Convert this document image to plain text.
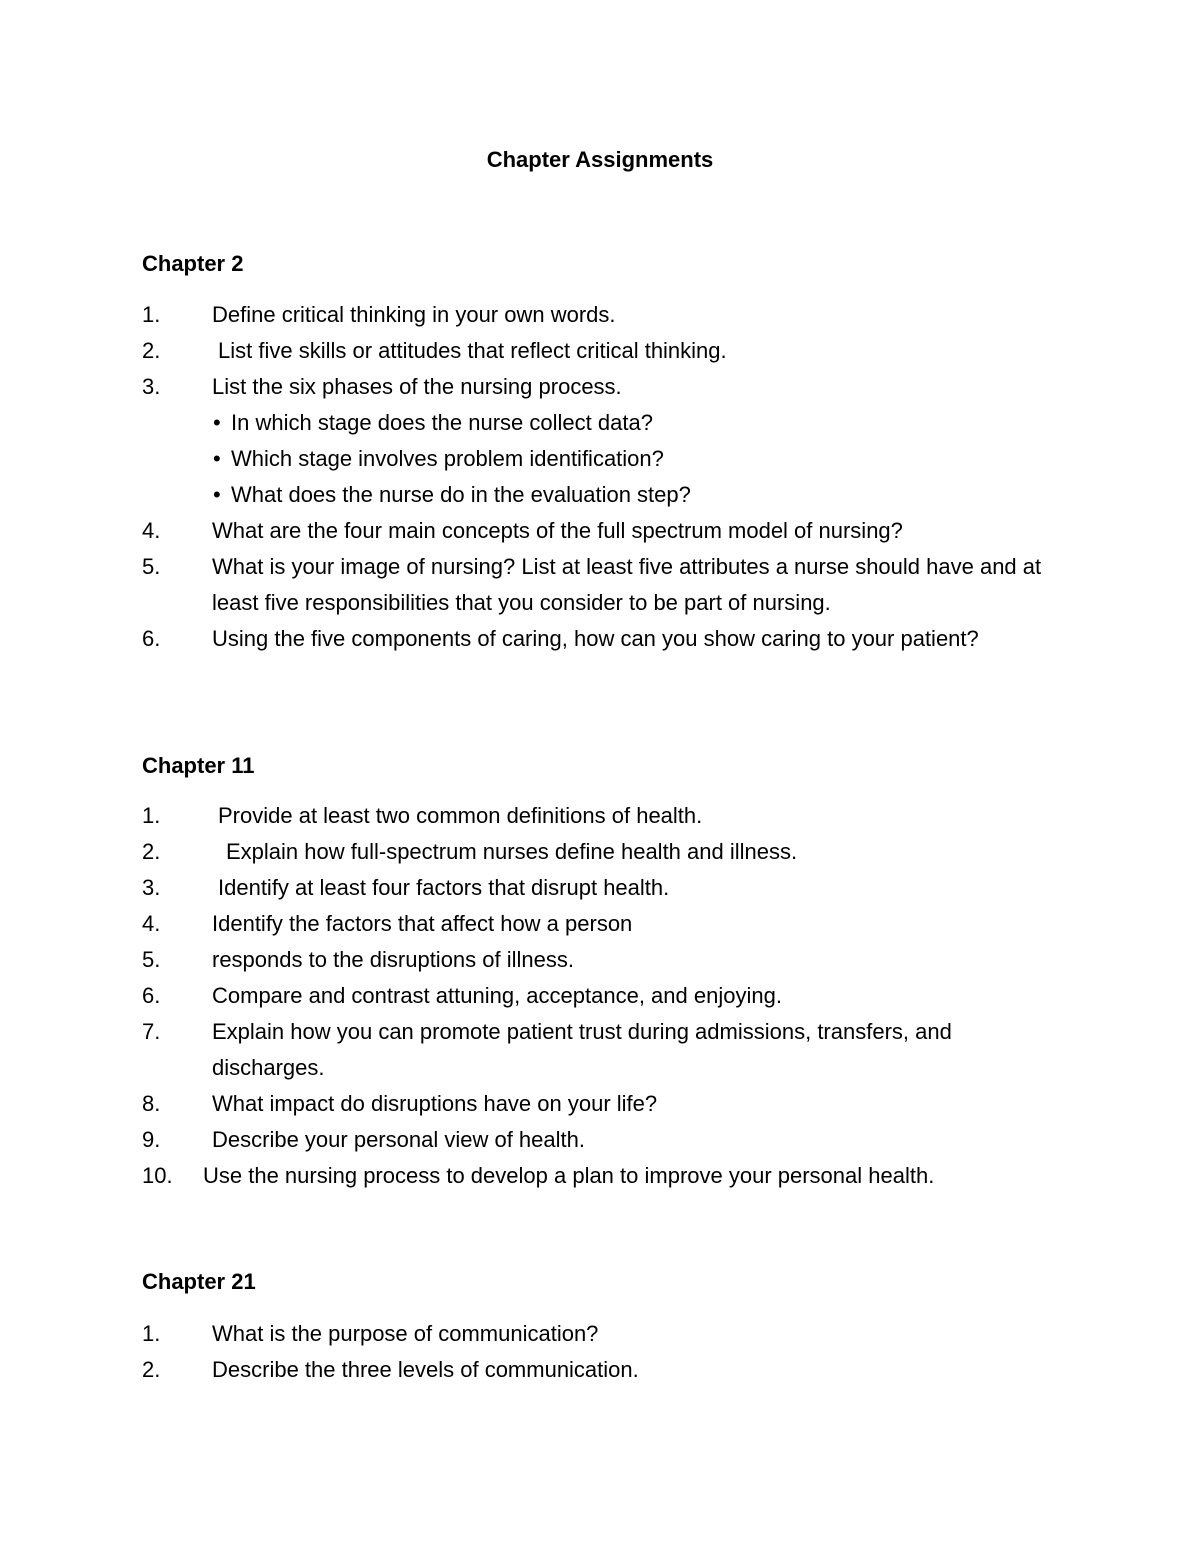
Chapter Assignments
Chapter 2
1.	Define critical thinking in your own words.
2.	List five skills or attitudes that reflect critical thinking.
3.	List the six phases of the nursing process.
• In which stage does the nurse collect data?
• Which stage involves problem identification?
• What does the nurse do in the evaluation step?
4.	What are the four main concepts of the full spectrum model of nursing?
5.	What is your image of nursing? List at least five attributes a nurse should have and at least five responsibilities that you consider to be part of nursing.
6.	Using the five components of caring, how can you show caring to your patient?
Chapter 11
1.	Provide at least two common definitions of health.
2.	Explain how full-spectrum nurses define health and illness.
3.	Identify at least four factors that disrupt health.
4.	Identify the factors that affect how a person
5.	responds to the disruptions of illness.
6.	Compare and contrast attuning, acceptance, and enjoying.
7.	Explain how you can promote patient trust during admissions, transfers, and discharges.
8.	What impact do disruptions have on your life?
9.	Describe your personal view of health.
10.	Use the nursing process to develop a plan to improve your personal health.
Chapter 21
1.	What is the purpose of communication?
2.	Describe the three levels of communication.
